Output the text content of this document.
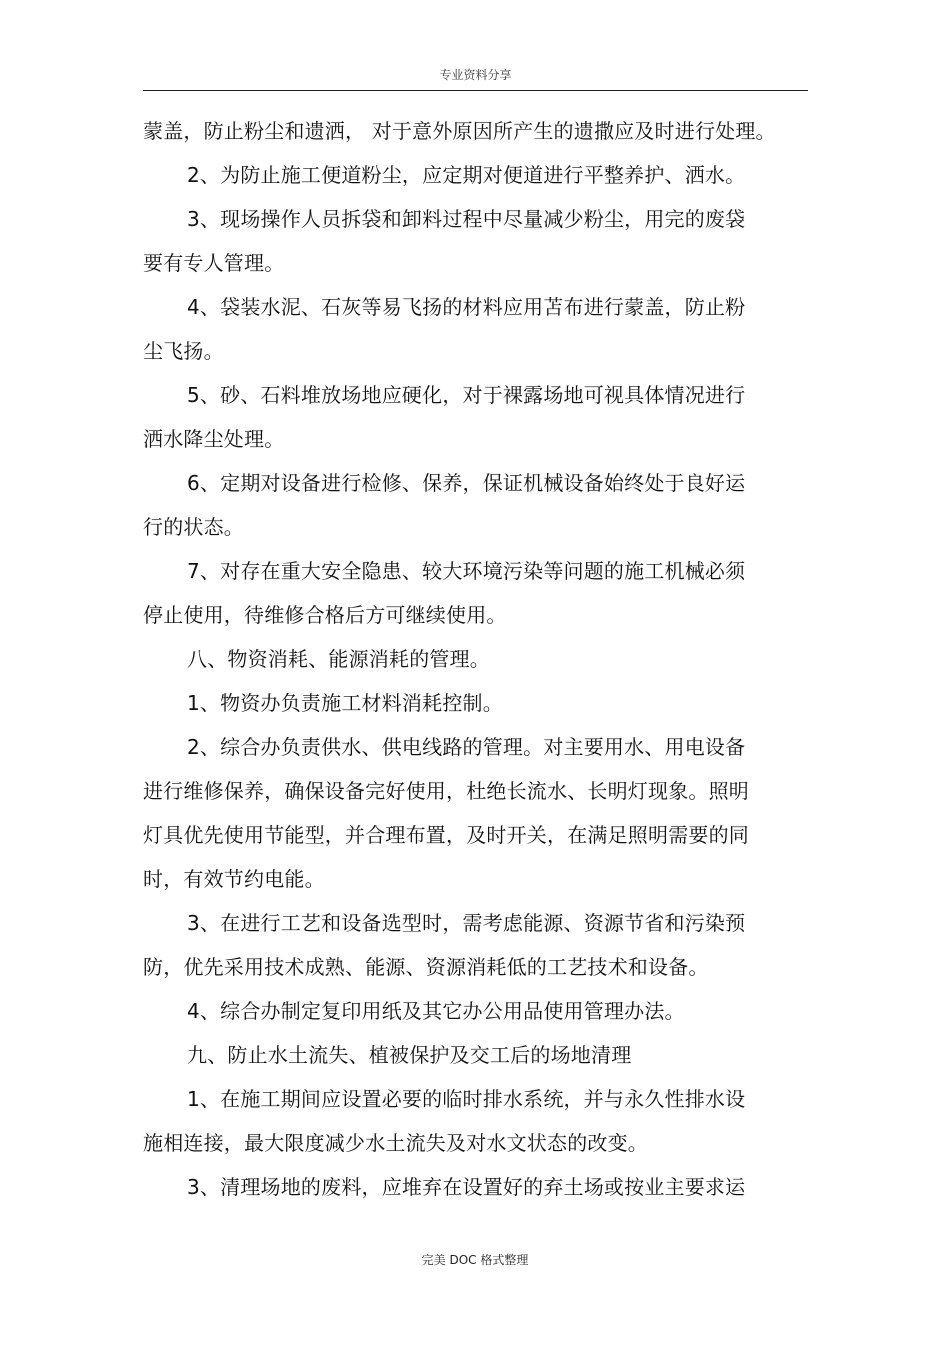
专业资料分享
蒙盖，防止粉尘和遗洒， 对于意外原因所产生的遗撒应及时进行处理。
2、为防止施工便道粉尘，应定期对便道进行平整养护、洒水。
3、现场操作人员拆袋和卸料过程中尽量减少粉尘，用完的废袋
要有专人管理。
4、袋装水泥、石灰等易飞扬的材料应用苫布进行蒙盖，防止粉
尘飞扬。
5、砂、石料堆放场地应硬化，对于裸露场地可视具体情况进行
洒水降尘处理。
6、定期对设备进行检修、保养，保证机械设备始终处于良好运
行的状态。
7、对存在重大安全隐患、较大环境污染等问题的施工机械必须
停止使用，待维修合格后方可继续使用。
八、物资消耗、能源消耗的管理。
1、物资办负责施工材料消耗控制。
2、综合办负责供水、供电线路的管理。对主要用水、用电设备
进行维修保养，确保设备完好使用，杜绝长流水、长明灯现象。照明
灯具优先使用节能型，并合理布置，及时开关，在满足照明需要的同
时，有效节约电能。
3、在进行工艺和设备选型时，需考虑能源、资源节省和污染预
防，优先采用技术成熟、能源、资源消耗低的工艺技术和设备。
4、综合办制定复印用纸及其它办公用品使用管理办法。
九、防止水土流失、植被保护及交工后的场地清理
1、在施工期间应设置必要的临时排水系统，并与永久性排水设
施相连接，最大限度减少水土流失及对水文状态的改变。
3、清理场地的废料，应堆弃在设置好的弃土场或按业主要求运
完美 DOC 格式整理
